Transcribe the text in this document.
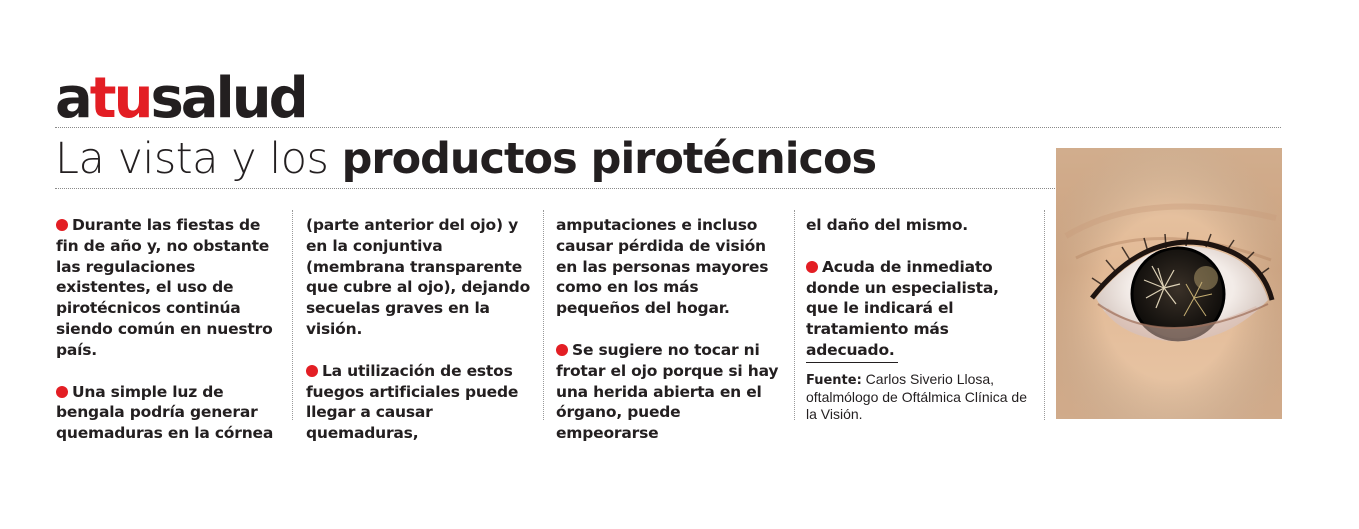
atusalud
La vista y los productos pirotécnicos

Durante las fiestas de fin de año y, no obstante las regulaciones existentes, el uso de pirotécnicos continúa siendo común en nuestro país.

Una simple luz de bengala podría generar quemaduras en la córnea

(parte anterior del ojo) y en la conjuntiva (membrana transparente que cubre al ojo), dejando secuelas graves en la visión.

La utilización de estos fuegos artificiales puede llegar a causar quemaduras,

amputaciones e incluso causar pérdida de visión en las personas mayores como en los más pequeños del hogar.

Se sugiere no tocar ni frotar el ojo porque si hay una herida abierta en el órgano, puede empeorarse

el daño del mismo.

Acuda de inmediato donde un especialista, que le indicará el tratamiento más adecuado.

Fuente: Carlos Siverio Llosa, oftalmólogo de Oftálmica Clínica de la Visión.
